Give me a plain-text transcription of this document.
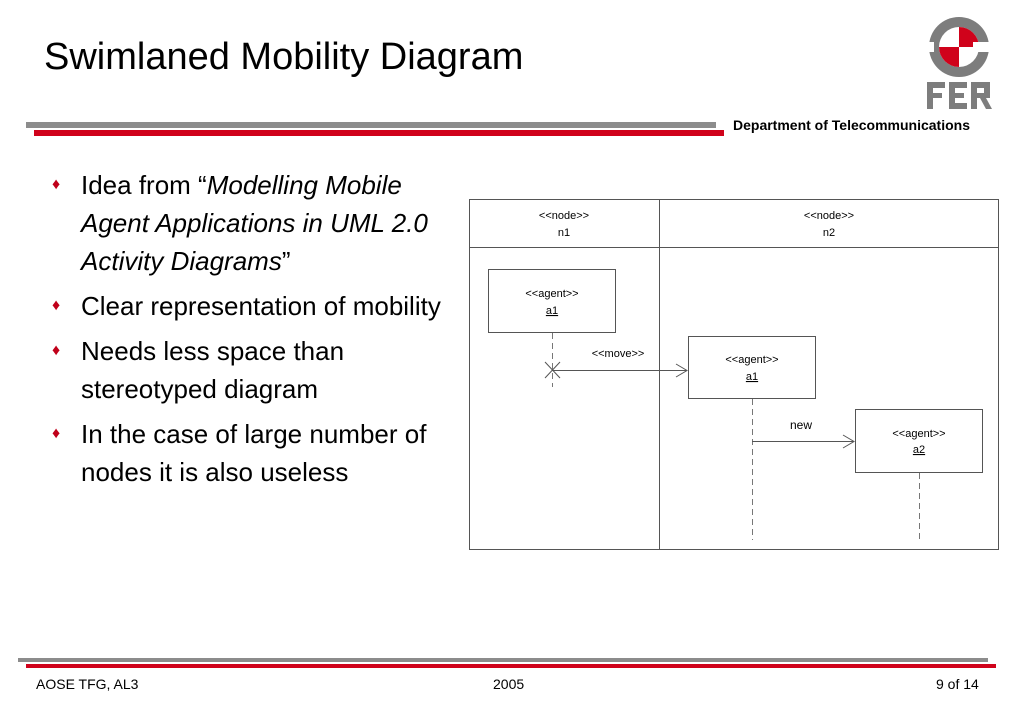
Swimlaned Mobility Diagram
Department of Telecommunications
♦ Idea from “Modelling Mobile Agent Applications in UML 2.0 Activity Diagrams”
♦ Clear representation of mobility
♦ Needs less space than stereotyped diagram
♦ In the case of large number of nodes it is also useless
<<node>>
n1
<<node>>
n2
<<agent>>
a1
<<move>>	<<agent>>
a1
new
<<agent>>
a2
AOSE TFG, AL3	2005	9 of 14
